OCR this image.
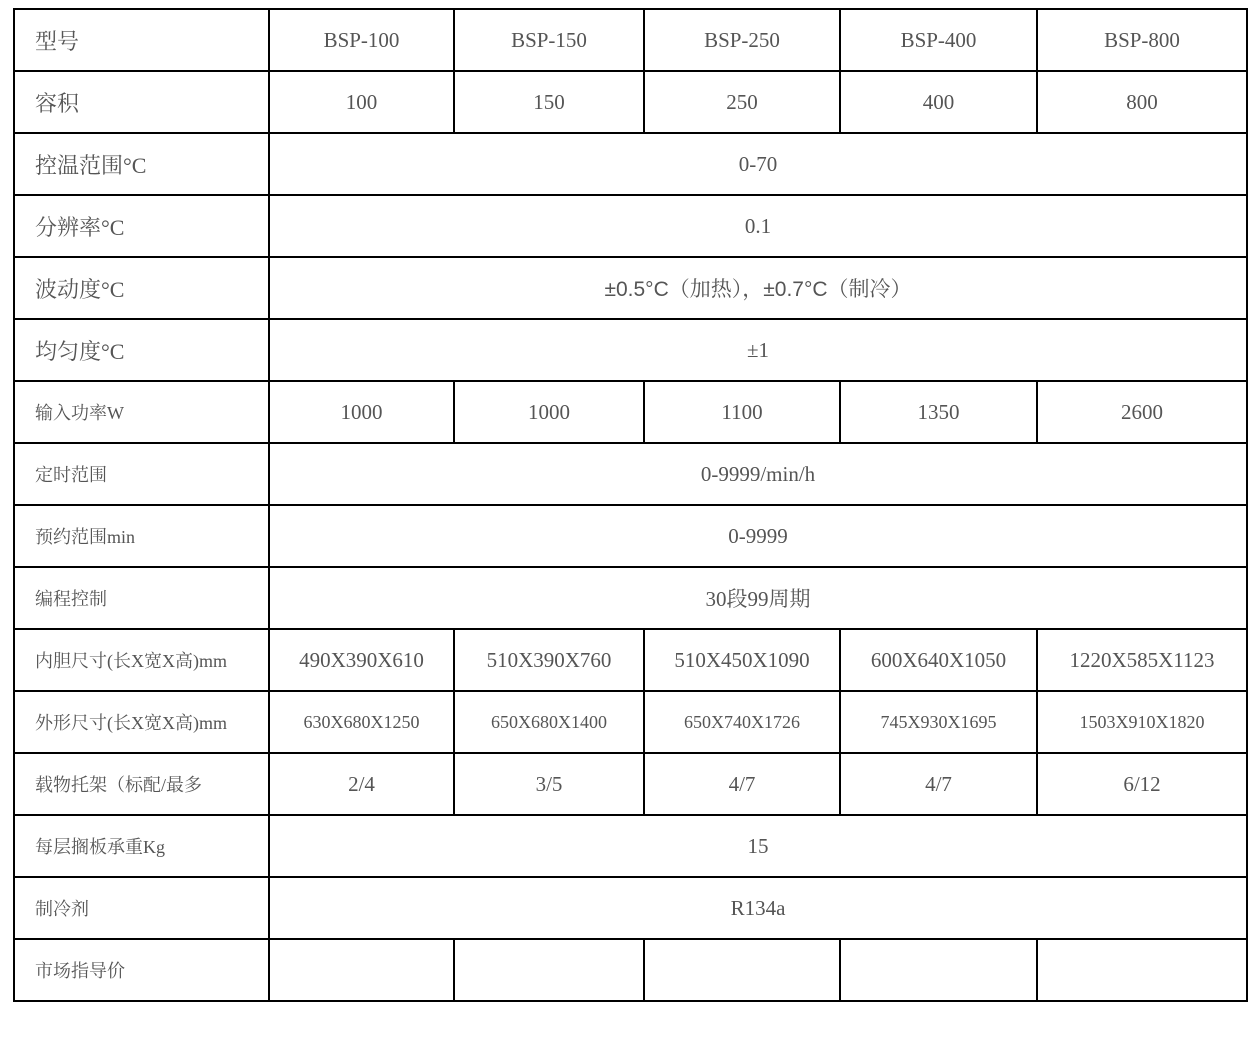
型号	BSP-100	BSP-150	BSP-250	BSP-400	BSP-800
容积	100	150	250	400	800
控温范围°C	0-70				
分辨率°C	0.1				
波动度°C	±0.5°C（加热），±0.7°C（制冷）				
均匀度°C	±1				
输入功率W	1000	1000	1100	1350	2600
定时范围	0-9999/min/h				
预约范围min	0-9999				
编程控制	30段99周期				
内胆尺寸(长X宽X高)mm	490X390X610	510X390X760	510X450X1090	600X640X1050	1220X585X1123
外形尺寸(长X宽X高)mm	630X680X1250	650X680X1400	650X740X1726	745X930X1695	1503X910X1820
载物托架（标配/最多	2/4	3/5	4/7	4/7	6/12
每层搁板承重Kg	15				
制冷剂	R134a				
市场指导价					
